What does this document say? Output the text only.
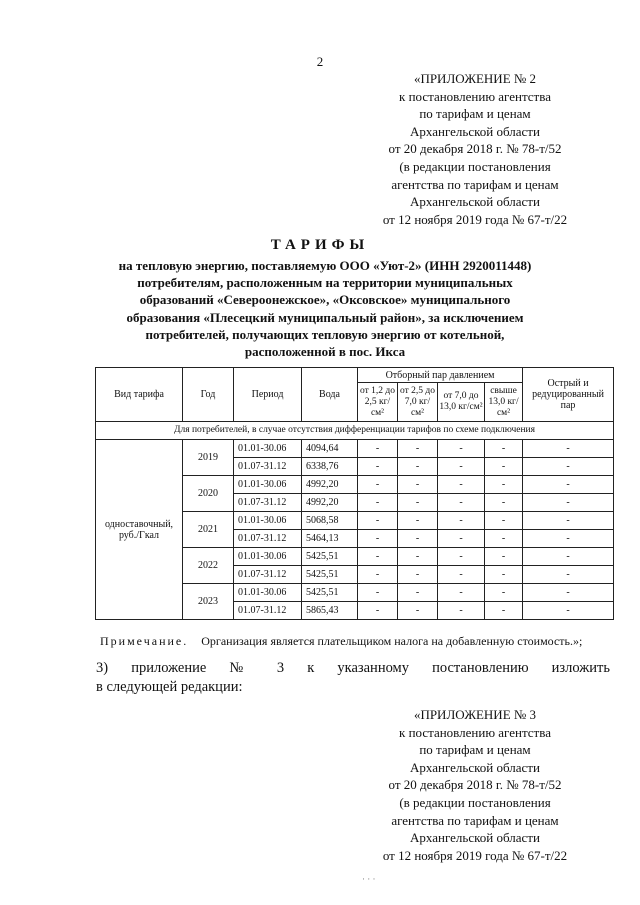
2
«ПРИЛОЖЕНИЕ № 2
к постановлению агентства
по тарифам и ценам
Архангельской области
от 20 декабря 2018 г. № 78-т/52
(в редакции постановления
агентства по тарифам и ценам
Архангельской области
от 12 ноября 2019 года № 67-т/22
ТАРИФЫ
на тепловую энергию, поставляемую ООО «Уют-2» (ИНН 2920011448)
потребителям, расположенным на территории муниципальных
образований «Североонежское», «Оксовское» муниципального
образования «Плесецкий муниципальный район», за исключением
потребителей, получающих тепловую энергию от котельной,
расположенной в пос. Икса
Вид тарифа	Год	Период	Вода	Отборный пар давлением				Острый и редуцированный пар
				от 1,2 до 2,5 кг/см²	от 2,5 до 7,0 кг/см²	от 7,0 до 13,0 кг/см²	свыше 13,0 кг/см²	
Для потребителей, в случае отсутствия дифференциации тарифов по схеме подключения								
одноставочный, руб./Гкал	2019	01.01-30.06	4094,64	-	-	-	-	-
		01.07-31.12	6338,76	-	-	-	-	-
	2020	01.01-30.06	4992,20	-	-	-	-	-
		01.07-31.12	4992,20	-	-	-	-	-
	2021	01.01-30.06	5068,58	-	-	-	-	-
		01.07-31.12	5464,13	-	-	-	-	-
	2022	01.01-30.06	5425,51	-	-	-	-	-
		01.07-31.12	5425,51	-	-	-	-	-
	2023	01.01-30.06	5425,51	-	-	-	-	-
		01.07-31.12	5865,43	-	-	-	-	-
Примечание. Организация является плательщиком налога на добавленную стоимость.»;
3) приложение № 3 к указанному постановлению изложить
в следующей редакции:
«ПРИЛОЖЕНИЕ № 3
к постановлению агентства
по тарифам и ценам
Архангельской области
от 20 декабря 2018 г. № 78-т/52
(в редакции постановления
агентства по тарифам и ценам
Архангельской области
от 12 ноября 2019 года № 67-т/22
· · ·
